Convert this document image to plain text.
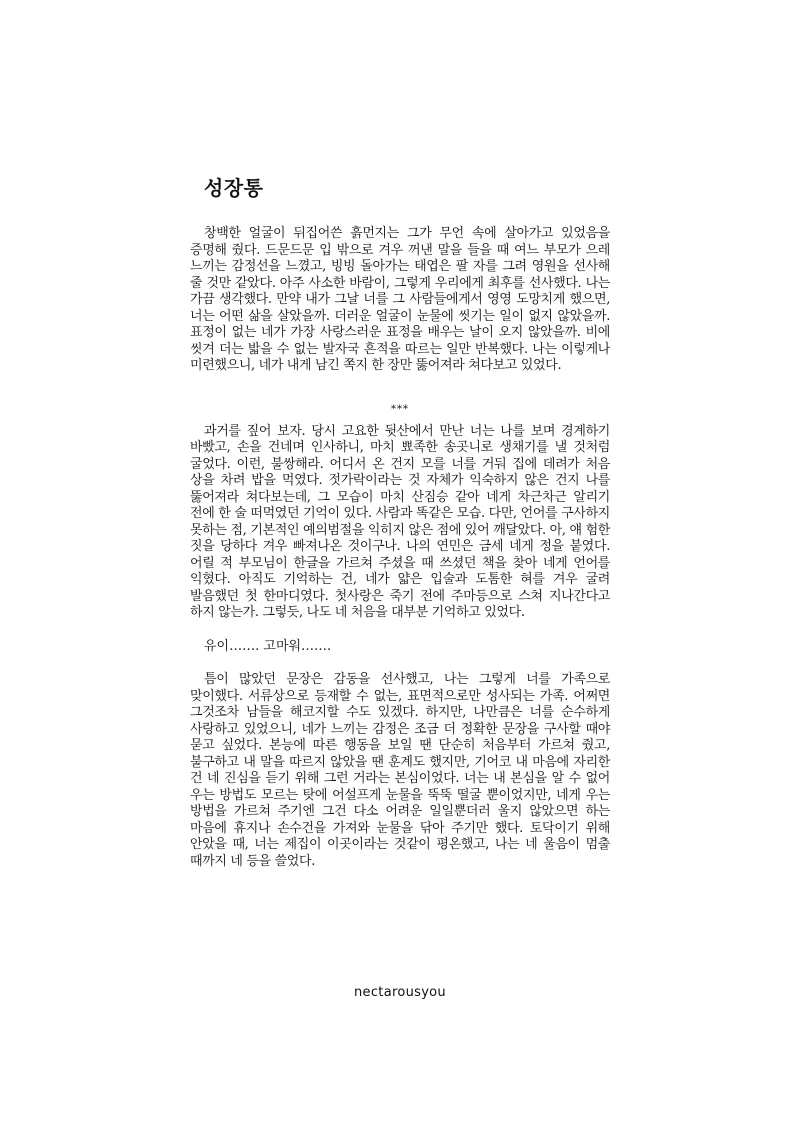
성장통

창백한 얼굴이 뒤집어쓴 흙먼지는 그가 무언 속에 살아가고 있었음을 증명해 줬다. 드문드문 입 밖으로 겨우 꺼낸 말을 들을 때 여느 부모가 으레 느끼는 감정선을 느꼈고, 빙빙 돌아가는 태엽은 팔 자를 그려 영원을 선사해 줄 것만 같았다. 아주 사소한 바람이, 그렇게 우리에게 최후를 선사했다. 나는 가끔 생각했다. 만약 내가 그날 너를 그 사람들에게서 영영 도망치게 했으면, 너는 어떤 삶을 살았을까. 더러운 얼굴이 눈물에 씻기는 일이 없지 않았을까. 표정이 없는 네가 가장 사랑스러운 표정을 배우는 날이 오지 않았을까. 비에 씻겨 더는 밟을 수 없는 발자국 흔적을 따르는 일만 반복했다. 나는 이렇게나 미련했으니, 네가 내게 남긴 쪽지 한 장만 뚫어져라 쳐다보고 있었다.

***

과거를 짚어 보자. 당시 고요한 뒷산에서 만난 너는 나를 보며 경계하기 바빴고, 손을 건네며 인사하니, 마치 뾰족한 송곳니로 생채기를 낼 것처럼 굴었다. 이런, 불쌍해라. 어디서 온 건지 모를 너를 거둬 집에 데려가 처음 상을 차려 밥을 먹였다. 젓가락이라는 것 자체가 익숙하지 않은 건지 나를 뚫어져라 쳐다보는데, 그 모습이 마치 산짐승 같아 네게 차근차근 알리기 전에 한 술 떠먹였던 기억이 있다. 사람과 똑같은 모습. 다만, 언어를 구사하지 못하는 점, 기본적인 예의범절을 익히지 않은 점에 있어 깨달았다. 아, 얘 험한 짓을 당하다 겨우 빠져나온 것이구나. 나의 연민은 금세 네게 정을 붙였다. 어릴 적 부모님이 한글을 가르쳐 주셨을 때 쓰셨던 책을 찾아 네게 언어를 익혔다. 아직도 기억하는 건, 네가 얇은 입술과 도톰한 혀를 겨우 굴려 발음했던 첫 한마디였다. 첫사랑은 죽기 전에 주마등으로 스쳐 지나간다고 하지 않는가. 그렇듯, 나도 네 처음을 대부분 기억하고 있었다.

유이……. 고마워…….

틈이 많았던 문장은 감동을 선사했고, 나는 그렇게 너를 가족으로 맞이했다. 서류상으로 등재할 수 없는, 표면적으로만 성사되는 가족. 어쩌면 그것조차 남들을 해코지할 수도 있겠다. 하지만, 나만큼은 너를 순수하게 사랑하고 있었으니, 네가 느끼는 감정은 조금 더 정확한 문장을 구사할 때야 묻고 싶었다. 본능에 따른 행동을 보일 땐 단순히 처음부터 가르쳐 줬고, 불구하고 내 말을 따르지 않았을 땐 훈계도 했지만, 기어코 내 마음에 자리한 건 네 진심을 듣기 위해 그런 거라는 본심이었다. 너는 내 본심을 알 수 없어 우는 방법도 모르는 탓에 어설프게 눈물을 뚝뚝 떨굴 뿐이었지만, 네게 우는 방법을 가르쳐 주기엔 그건 다소 어려운 일일뿐더러 울지 않았으면 하는 마음에 휴지나 손수건을 가져와 눈물을 닦아 주기만 했다. 토닥이기 위해 안았을 때, 너는 제집이 이곳이라는 것같이 평온했고, 나는 네 울음이 멈출 때까지 네 등을 쓸었다.

nectarousyou
